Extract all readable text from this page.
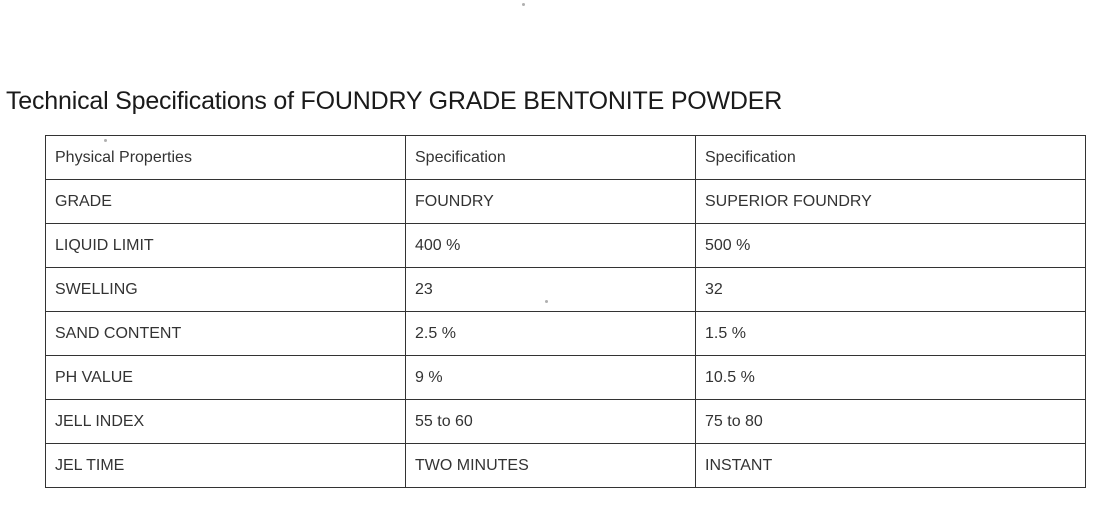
Technical Specifications of FOUNDRY GRADE BENTONITE POWDER
Physical Properties	Specification	Specification
GRADE	FOUNDRY	SUPERIOR FOUNDRY
LIQUID LIMIT	400 %	500 %
SWELLING	23	32
SAND CONTENT	2.5 %	1.5 %
PH VALUE	9 %	10.5 %
JELL INDEX	55 to 60	75 to 80
JEL TIME	TWO MINUTES	INSTANT
